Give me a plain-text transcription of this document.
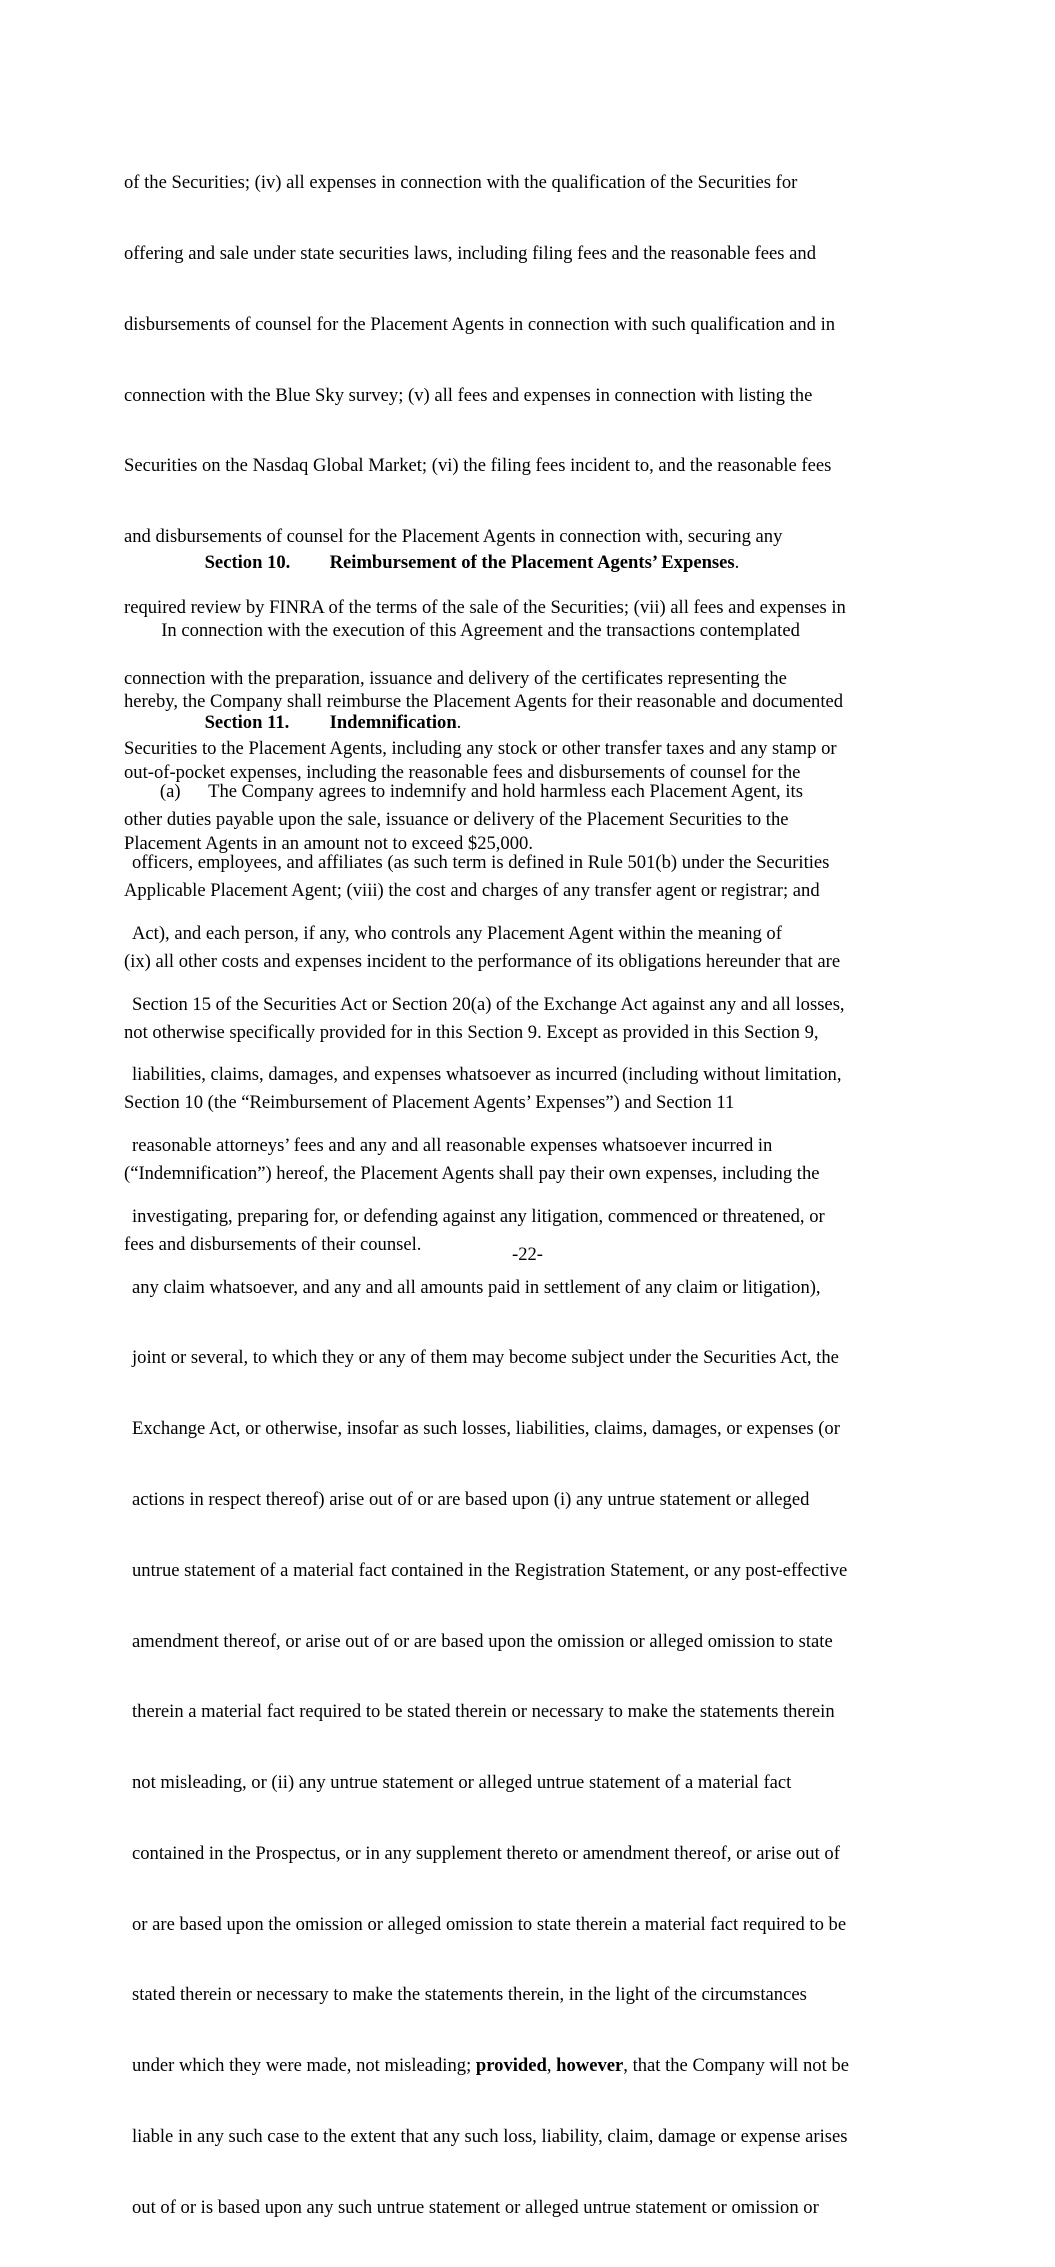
of the Securities; (iv) all expenses in connection with the qualification of the Securities for

offering and sale under state securities laws, including filing fees and the reasonable fees and

disbursements of counsel for the Placement Agents in connection with such qualification and in

connection with the Blue Sky survey; (v) all fees and expenses in connection with listing the

Securities on the Nasdaq Global Market; (vi) the filing fees incident to, and the reasonable fees

and disbursements of counsel for the Placement Agents in connection with, securing any

required review by FINRA of the terms of the sale of the Securities; (vii) all fees and expenses in

connection with the preparation, issuance and delivery of the certificates representing the

Securities to the Placement Agents, including any stock or other transfer taxes and any stamp or

other duties payable upon the sale, issuance or delivery of the Placement Securities to the

Applicable Placement Agent; (viii) the cost and charges of any transfer agent or registrar; and

(ix) all other costs and expenses incident to the performance of its obligations hereunder that are

not otherwise specifically provided for in this Section 9. Except as provided in this Section 9,

Section 10 (the “Reimbursement of Placement Agents’ Expenses”) and Section 11

(“Indemnification”) hereof, the Placement Agents shall pay their own expenses, including the

fees and disbursements of their counsel.

Section 10. Reimbursement of the Placement Agents’ Expenses.

In connection with the execution of this Agreement and the transactions contemplated

hereby, the Company shall reimburse the Placement Agents for their reasonable and documented

out-of-pocket expenses, including the reasonable fees and disbursements of counsel for the

Placement Agents in an amount not to exceed $25,000.

Section 11. Indemnification.

(a)      The Company agrees to indemnify and hold harmless each Placement Agent, its

officers, employees, and affiliates (as such term is defined in Rule 501(b) under the Securities

Act), and each person, if any, who controls any Placement Agent within the meaning of

Section 15 of the Securities Act or Section 20(a) of the Exchange Act against any and all losses,

liabilities, claims, damages, and expenses whatsoever as incurred (including without limitation,

reasonable attorneys’ fees and any and all reasonable expenses whatsoever incurred in

investigating, preparing for, or defending against any litigation, commenced or threatened, or

any claim whatsoever, and any and all amounts paid in settlement of any claim or litigation),

joint or several, to which they or any of them may become subject under the Securities Act, the

Exchange Act, or otherwise, insofar as such losses, liabilities, claims, damages, or expenses (or

actions in respect thereof) arise out of or are based upon (i) any untrue statement or alleged

untrue statement of a material fact contained in the Registration Statement, or any post-effective

amendment thereof, or arise out of or are based upon the omission or alleged omission to state

therein a material fact required to be stated therein or necessary to make the statements therein

not misleading, or (ii) any untrue statement or alleged untrue statement of a material fact

contained in the Prospectus, or in any supplement thereto or amendment thereof, or arise out of

or are based upon the omission or alleged omission to state therein a material fact required to be

stated therein or necessary to make the statements therein, in the light of the circumstances

under which they were made, not misleading; provided, however, that the Company will not be

liable in any such case to the extent that any such loss, liability, claim, damage or expense arises

out of or is based upon any such untrue statement or alleged untrue statement or omission or

-22-
